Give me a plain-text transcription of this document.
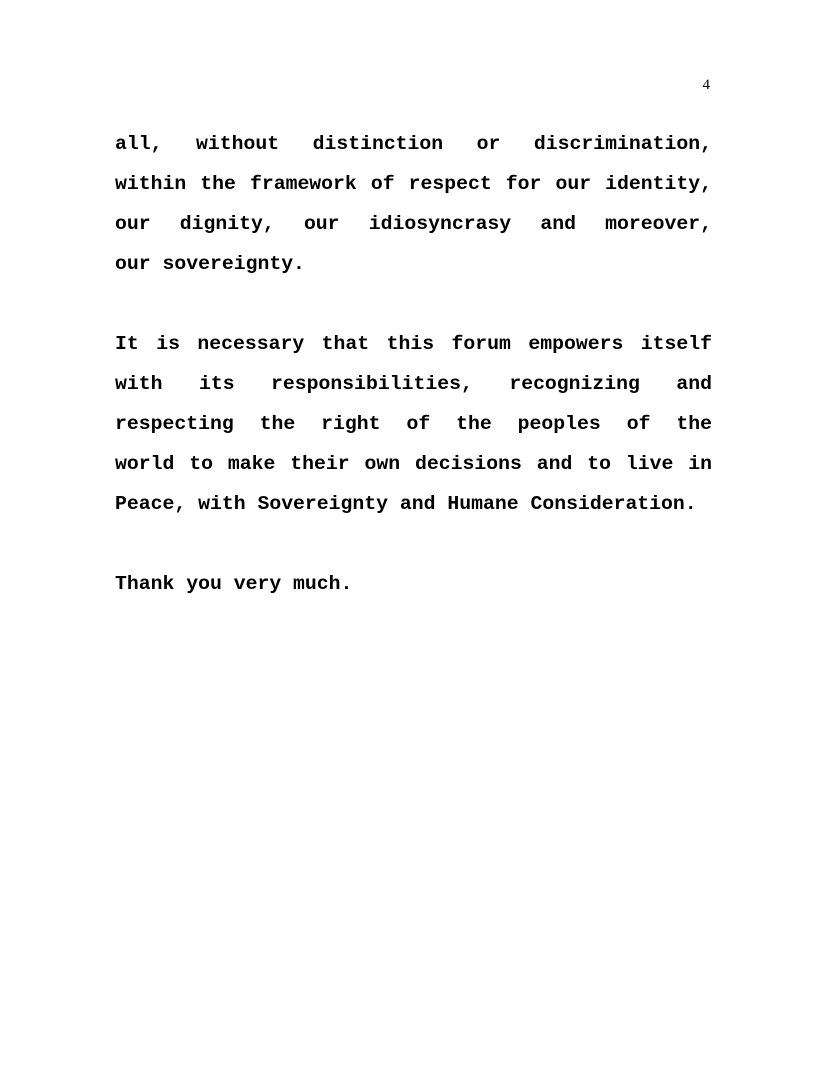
4
all, without distinction or discrimination,
within the framework of respect for our identity,
our dignity, our idiosyncrasy and moreover,
our sovereignty.
It is necessary that this forum empowers itself
with its responsibilities, recognizing and
respecting the right of the peoples of the
world to make their own decisions and to live in
Peace, with Sovereignty and Humane Consideration.
Thank you very much.
